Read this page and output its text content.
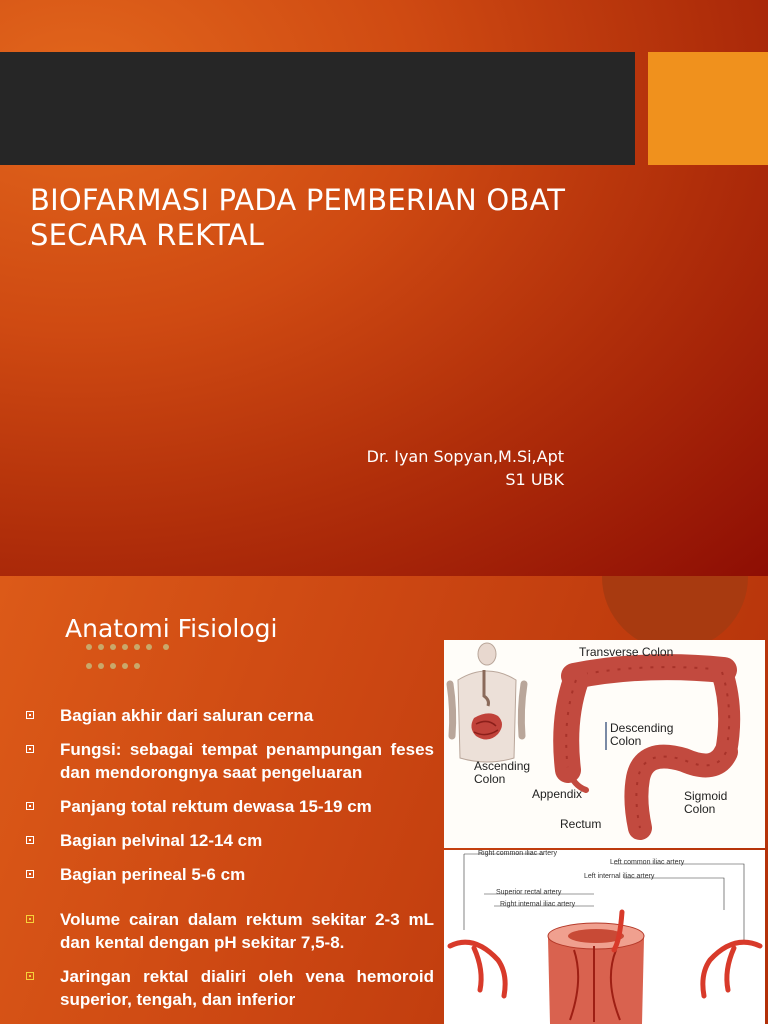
BIOFARMASI PADA PEMBERIAN OBAT SECARA REKTAL
Dr. Iyan Sopyan,M.Si,Apt
S1 UBK
Anatomi Fisiologi

Bagian akhir dari saluran cerna
Fungsi: sebagai tempat penampungan feses dan mendorongnya saat pengeluaran
Panjang total rektum dewasa 15-19 cm
Bagian pelvinal 12-14 cm
Bagian perineal 5-6 cm
Volume cairan dalam rektum sekitar 2-3 mL dan kental dengan pH sekitar 7,5-8.
Jaringan rektal dialiri oleh vena hemoroid superior, tengah, dan inferior
Transverse Colon
Descending Colon
Ascending Colon
Appendix	Sigmoid Colon
Rectum
Right common iliac artery
Left common iliac artery
Left internal iliac artery
Superior rectal artery
Right internal iliac artery
